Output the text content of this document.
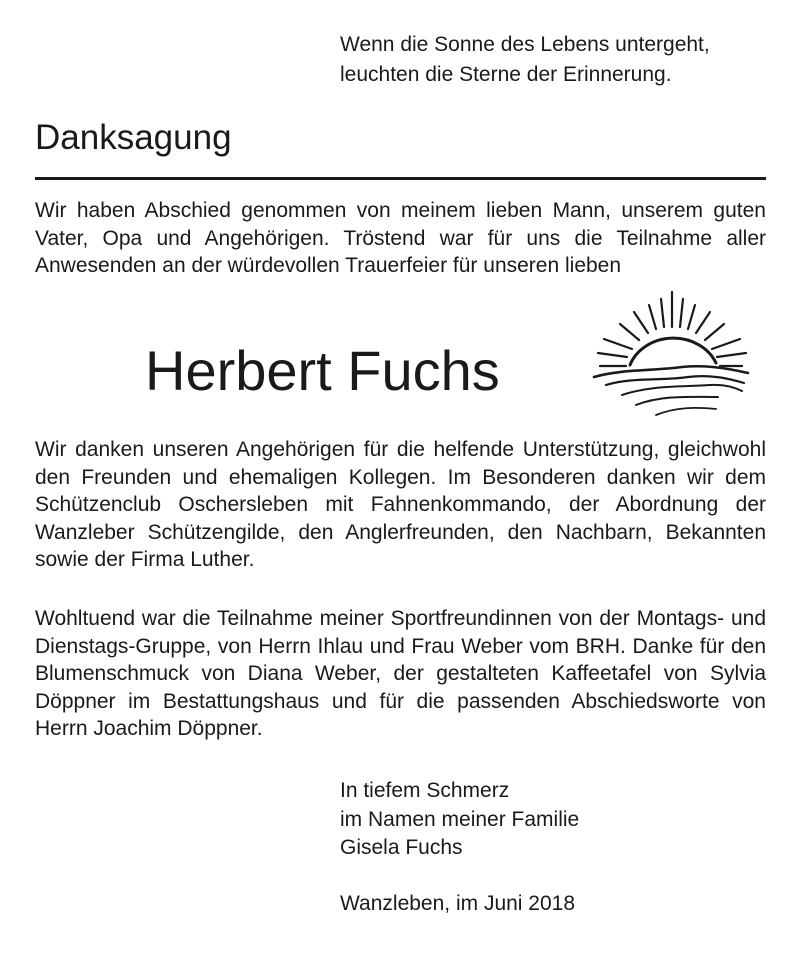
Wenn die Sonne des Lebens untergeht,
leuchten die Sterne der Erinnerung.
Danksagung

Wir haben Abschied genommen von meinem lieben Mann, unserem guten Vater, Opa und Angehörigen. Tröstend war für uns die Teilnahme aller Anwesenden an der würdevollen Trauerfeier für unseren lieben

Herbert Fuchs

Wir danken unseren Angehörigen für die helfende Unterstützung, gleichwohl den Freunden und ehemaligen Kollegen. Im Besonderen danken wir dem Schützenclub Oschersleben mit Fahnenkommando, der Abordnung der Wanzleber Schützengilde, den Anglerfreunden, den Nachbarn, Bekannten sowie der Firma Luther.

Wohltuend war die Teilnahme meiner Sportfreundinnen von der Montags- und Dienstags-Gruppe, von Herrn Ihlau und Frau Weber vom BRH. Danke für den Blumenschmuck von Diana Weber, der gestalteten Kaffeetafel von Sylvia Döppner im Bestattungshaus und für die passenden Abschiedsworte von Herrn Joachim Döppner.

In tiefem Schmerz
im Namen meiner Familie
Gisela Fuchs
Wanzleben, im Juni 2018
